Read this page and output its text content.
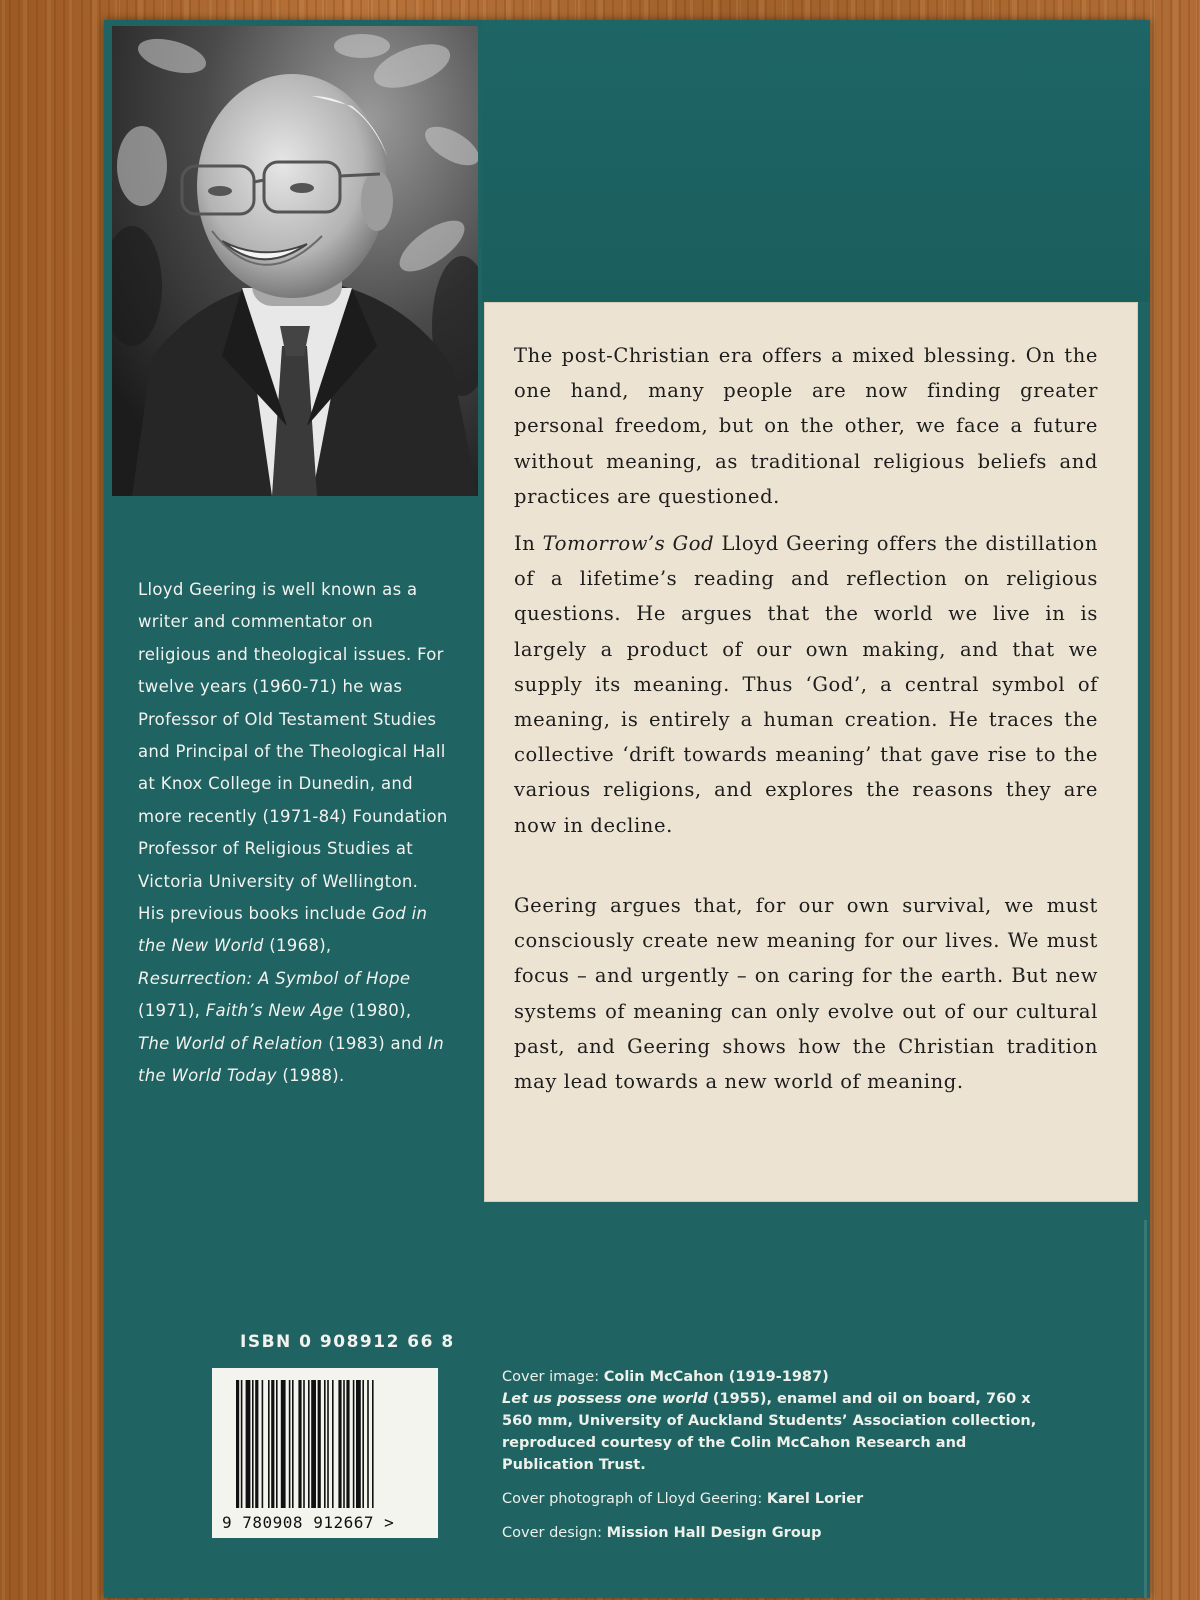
Lloyd Geering is well known as a writer and commentator on religious and theological issues. For twelve years (1960-71) he was Professor of Old Testament Studies and Principal of the Theological Hall at Knox College in Dunedin, and more recently (1971-84) Foundation Professor of Religious Studies at Victoria University of Wellington. His previous books include God in the New World (1968), Resurrection: A Symbol of Hope (1971), Faith’s New Age (1980), The World of Relation (1983) and In the World Today (1988).

The post-Christian era offers a mixed blessing. On the one hand, many people are now finding greater personal freedom, but on the other, we face a future without meaning, as traditional religious beliefs and practices are questioned.

In Tomorrow’s God Lloyd Geering offers the distillation of a lifetime’s reading and reflection on religious questions. He argues that the world we live in is largely a product of our own making, and that we supply its meaning. Thus ‘God’, a central symbol of meaning, is entirely a human creation. He traces the collective ‘drift towards meaning’ that gave rise to the various religions, and explores the reasons they are now in decline.

Geering argues that, for our own survival, we must consciously create new meaning for our lives. We must focus – and urgently – on caring for the earth. But new systems of meaning can only evolve out of our cultural past, and Geering shows how the Christian tradition may lead towards a new world of meaning.

ISBN 0 908912 66 8

9 780908 912667 >

Cover image: Colin McCahon (1919-1987)
Let us possess one world (1955), enamel and oil on board, 760 x 560 mm, University of Auckland Students’ Association collection, reproduced courtesy of the Colin McCahon Research and Publication Trust.

Cover photograph of Lloyd Geering: Karel Lorier

Cover design: Mission Hall Design Group
